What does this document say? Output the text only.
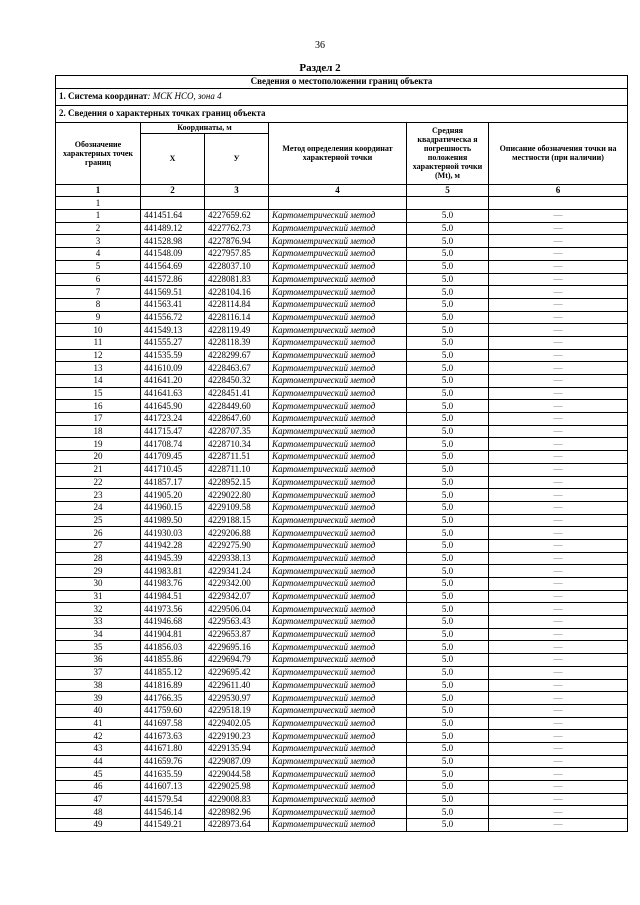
36
Раздел 2
Сведения о местоположении границ объекта					
1. Система координат: МСК НСО, зона 4					
2. Сведения о характерных точках границ объекта					
Обозначение характерных точек границ	Координаты, м		Метод определения координат характерной точки	Средняя квадратическа я погрешность положения характерной точки (Mt), м	Описание обозначения точки на местности (при наличии)
	Х	У			
1	2	3	4	5	6
1					
1	441451.64	4227659.62	Картометрический метод	5.0	—
2	441489.12	4227762.73	Картометрический метод	5.0	—
3	441528.98	4227876.94	Картометрический метод	5.0	—
4	441548.09	4227957.85	Картометрический метод	5.0	—
5	441564.69	4228037.10	Картометрический метод	5.0	—
6	441572.86	4228081.83	Картометрический метод	5.0	—
7	441569.51	4228104.16	Картометрический метод	5.0	—
8	441563.41	4228114.84	Картометрический метод	5.0	—
9	441556.72	4228116.14	Картометрический метод	5.0	—
10	441549.13	4228119.49	Картометрический метод	5.0	—
11	441555.27	4228118.39	Картометрический метод	5.0	—
12	441535.59	4228299.67	Картометрический метод	5.0	—
13	441610.09	4228463.67	Картометрический метод	5.0	—
14	441641.20	4228450.32	Картометрический метод	5.0	—
15	441641.63	4228451.41	Картометрический метод	5.0	—
16	441645.90	4228449.60	Картометрический метод	5.0	—
17	441723.24	4228647.60	Картометрический метод	5.0	—
18	441715.47	4228707.35	Картометрический метод	5.0	—
19	441708.74	4228710.34	Картометрический метод	5.0	—
20	441709.45	4228711.51	Картометрический метод	5.0	—
21	441710.45	4228711.10	Картометрический метод	5.0	—
22	441857.17	4228952.15	Картометрический метод	5.0	—
23	441905.20	4229022.80	Картометрический метод	5.0	—
24	441960.15	4229109.58	Картометрический метод	5.0	—
25	441989.50	4229188.15	Картометрический метод	5.0	—
26	441930.03	4229206.88	Картометрический метод	5.0	—
27	441942.28	4229275.90	Картометрический метод	5.0	—
28	441945.39	4229338.13	Картометрический метод	5.0	—
29	441983.81	4229341.24	Картометрический метод	5.0	—
30	441983.76	4229342.00	Картометрический метод	5.0	—
31	441984.51	4229342.07	Картометрический метод	5.0	—
32	441973.56	4229506.04	Картометрический метод	5.0	—
33	441946.68	4229563.43	Картометрический метод	5.0	—
34	441904.81	4229653.87	Картометрический метод	5.0	—
35	441856.03	4229695.16	Картометрический метод	5.0	—
36	441855.86	4229694.79	Картометрический метод	5.0	—
37	441855.12	4229695.42	Картометрический метод	5.0	—
38	441816.89	4229611.40	Картометрический метод	5.0	—
39	441766.35	4229530.97	Картометрический метод	5.0	—
40	441759.60	4229518.19	Картометрический метод	5.0	—
41	441697.58	4229402.05	Картометрический метод	5.0	—
42	441673.63	4229190.23	Картометрический метод	5.0	—
43	441671.80	4229135.94	Картометрический метод	5.0	—
44	441659.76	4229087.09	Картометрический метод	5.0	—
45	441635.59	4229044.58	Картометрический метод	5.0	—
46	441607.13	4229025.98	Картометрический метод	5.0	—
47	441579.54	4229008.83	Картометрический метод	5.0	—
48	441546.14	4228982.96	Картометрический метод	5.0	—
49	441549.21	4228973.64	Картометрический метод	5.0	—
